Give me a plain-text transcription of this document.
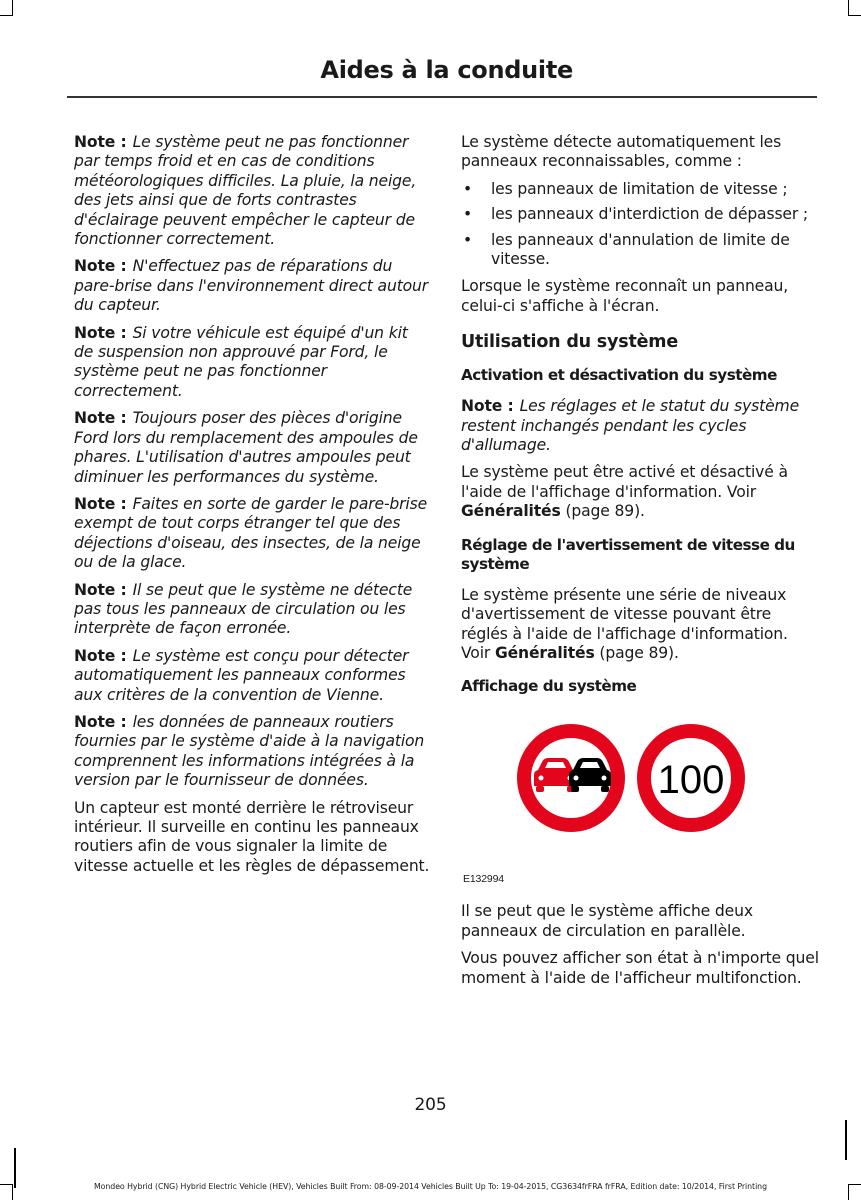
Aides à la conduite

Note : Le système peut ne pas fonctionner par temps froid et en cas de conditions météorologiques difficiles. La pluie, la neige, des jets ainsi que de forts contrastes d'éclairage peuvent empêcher le capteur de fonctionner correctement.

Note : N'effectuez pas de réparations du pare-brise dans l'environnement direct autour du capteur.

Note : Si votre véhicule est équipé d'un kit de suspension non approuvé par Ford, le système peut ne pas fonctionner correctement.

Note : Toujours poser des pièces d'origine Ford lors du remplacement des ampoules de phares. L'utilisation d'autres ampoules peut diminuer les performances du système.

Note : Faites en sorte de garder le pare-brise exempt de tout corps étranger tel que des déjections d'oiseau, des insectes, de la neige ou de la glace.

Note : Il se peut que le système ne détecte pas tous les panneaux de circulation ou les interprète de façon erronée.

Note : Le système est conçu pour détecter automatiquement les panneaux conformes aux critères de la convention de Vienne.

Note : les données de panneaux routiers fournies par le système d'aide à la navigation comprennent les informations intégrées à la version par le fournisseur de données.

Un capteur est monté derrière le rétroviseur intérieur. Il surveille en continu les panneaux routiers afin de vous signaler la limite de vitesse actuelle et les règles de dépassement.

Le système détecte automatiquement les panneaux reconnaissables, comme :

• les panneaux de limitation de vitesse ;
• les panneaux d'interdiction de dépasser ;
• les panneaux d'annulation de limite de vitesse.

Lorsque le système reconnaît un panneau, celui-ci s'affiche à l'écran.

Utilisation du système
Activation et désactivation du système

Note : Les réglages et le statut du système restent inchangés pendant les cycles d'allumage.

Le système peut être activé et désactivé à l'aide de l'affichage d'information. Voir Généralités (page 89).

Réglage de l'avertissement de vitesse du système

Le système présente une série de niveaux d'avertissement de vitesse pouvant être réglés à l'aide de l'affichage d'information. Voir Généralités (page 89).

Affichage du système
100

E132994

Il se peut que le système affiche deux panneaux de circulation en parallèle.

Vous pouvez afficher son état à n'importe quel moment à l'aide de l'afficheur multifonction.

205

Mondeo Hybrid (CNG) Hybrid Electric Vehicle (HEV), Vehicles Built From: 08-09-2014 Vehicles Built Up To: 19-04-2015, CG3634frFRA frFRA, Edition date: 10/2014, First Printing
